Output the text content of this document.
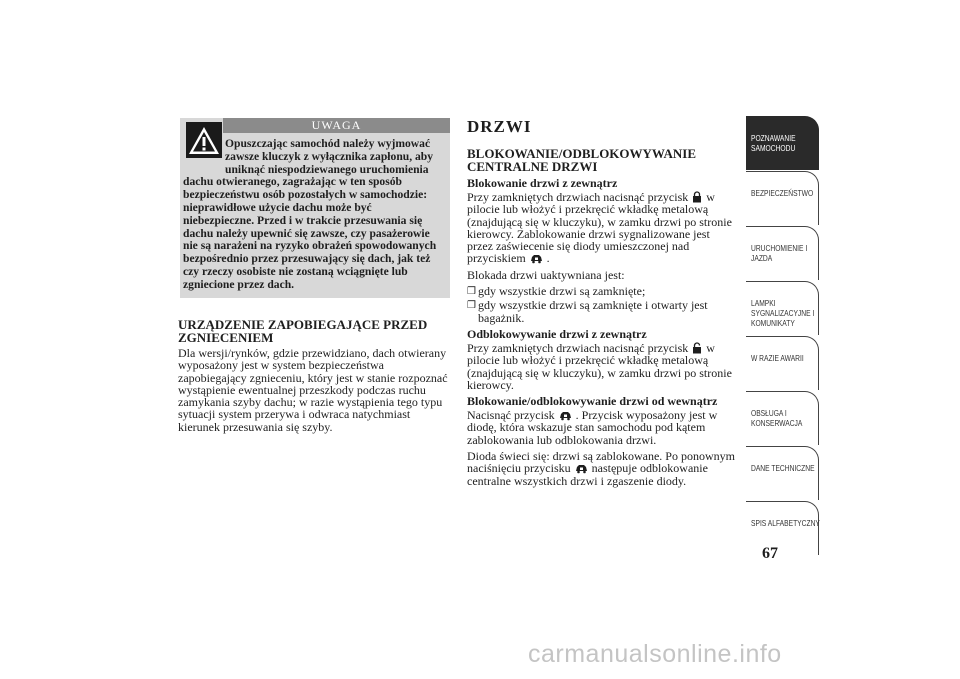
UWAGA
Opuszczając samochód należy wyjmować zawsze kluczyk z wyłącznika zapłonu, aby uniknąć niespodziewanego uruchomienia dachu otwieranego, zagrażając w ten sposób bezpieczeństwu osób pozostałych w samochodzie: nieprawidłowe użycie dachu może być niebezpieczne. Przed i w trakcie przesuwania się dachu należy upewnić się zawsze, czy pasażerowie nie są narażeni na ryzyko obrażeń spowodowanych bezpośrednio przez przesuwający się dach, jak też czy rzeczy osobiste nie zostaną wciągnięte lub zgniecione przez dach.
URZĄDZENIE ZAPOBIEGAJĄCE PRZED ZGNIECENIEM

Dla wersji/rynków, gdzie przewidziano, dach otwierany wyposażony jest w system bezpieczeństwa zapobiegający zgnieceniu, który jest w stanie rozpoznać wystąpienie ewentualnej przeszkody podczas ruchu zamykania szyby dachu; w razie wystąpienia tego typu sytuacji system przerywa i odwraca natychmiast kierunek przesuwania się szyby.

DRZWI
BLOKOWANIE/ODBLOKOWYWANIE CENTRALNE DRZWI
Blokowanie drzwi z zewnątrz

Przy zamkniętych drzwiach nacisnąć przycisk w pilocie lub włożyć i przekręcić wkładkę metalową (znajdującą się w kluczyku), w zamku drzwi po stronie kierowcy. Zablokowanie drzwi sygnalizowane jest przez zaświecenie się diody umieszczonej nad przyciskiem .

Blokada drzwi uaktywniana jest:

❒ gdy wszystkie drzwi są zamknięte;
❒ gdy wszystkie drzwi są zamknięte i otwarty jest bagażnik.
Odblokowywanie drzwi z zewnątrz

Przy zamkniętych drzwiach nacisnąć przycisk w pilocie lub włożyć i przekręcić wkładkę metalową (znajdującą się w kluczyku), w zamku drzwi po stronie kierowcy.

Blokowanie/odblokowywanie drzwi od wewnątrz

Nacisnąć przycisk . Przycisk wyposażony jest w diodę, która wskazuje stan samochodu pod kątem zablokowania lub odblokowania drzwi.

Dioda świeci się: drzwi są zablokowane. Po ponownym naciśnięciu przycisku następuje odblokowanie centralne wszystkich drzwi i zgaszenie diody.

POZNAWANIE SAMOCHODU
BEZPIECZEŃSTWO
URUCHOMIENIE I JAZDA
LAMPKI SYGNALIZACYJNE I KOMUNIKATY
W RAZIE AWARII
OBSŁUGA I KONSERWACJA
DANE TECHNICZNE
SPIS ALFABETYCZNY
67
carmanualsonline.info
